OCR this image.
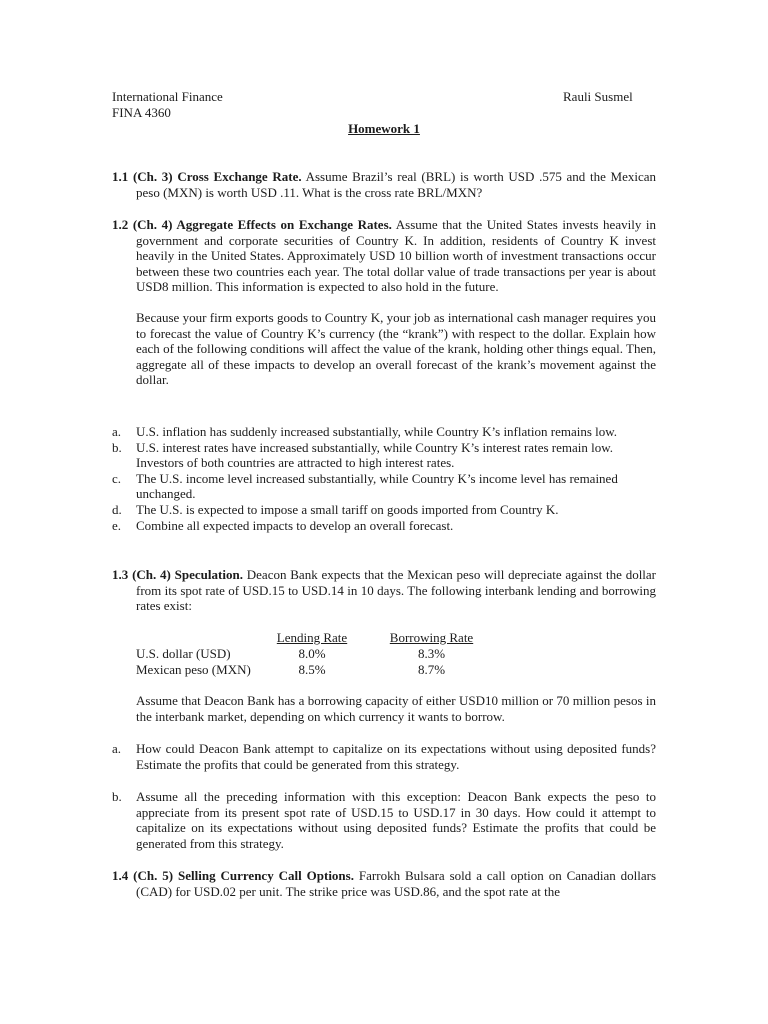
International Finance
FINA 4360
Rauli Susmel
Homework 1
1.1 (Ch. 3) Cross Exchange Rate. Assume Brazil’s real (BRL) is worth USD .575 and the Mexican peso (MXN) is worth USD .11. What is the cross rate BRL/MXN?
1.2 (Ch. 4) Aggregate Effects on Exchange Rates. Assume that the United States invests heavily in government and corporate securities of Country K. In addition, residents of Country K invest heavily in the United States. Approximately USD 10 billion worth of investment transactions occur between these two countries each year. The total dollar value of trade transactions per year is about USD8 million. This information is expected to also hold in the future.
Because your firm exports goods to Country K, your job as international cash manager requires you to forecast the value of Country K’s currency (the “krank”) with respect to the dollar. Explain how each of the following conditions will affect the value of the krank, holding other things equal. Then, aggregate all of these impacts to develop an overall forecast of the krank’s movement against the dollar.
a. U.S. inflation has suddenly increased substantially, while Country K’s inflation remains low.
b. U.S. interest rates have increased substantially, while Country K’s interest rates remain low. Investors of both countries are attracted to high interest rates.
c. The U.S. income level increased substantially, while Country K’s income level has remained unchanged.
d. The U.S. is expected to impose a small tariff on goods imported from Country K.
e. Combine all expected impacts to develop an overall forecast.
1.3 (Ch. 4) Speculation. Deacon Bank expects that the Mexican peso will depreciate against the dollar from its spot rate of USD.15 to USD.14 in 10 days. The following interbank lending and borrowing rates exist:
	Lending Rate	Borrowing Rate
U.S. dollar (USD)	8.0%	8.3%
Mexican peso (MXN)	8.5%	8.7%
Assume that Deacon Bank has a borrowing capacity of either USD10 million or 70 million pesos in the interbank market, depending on which currency it wants to borrow.
a. How could Deacon Bank attempt to capitalize on its expectations without using deposited funds? Estimate the profits that could be generated from this strategy.
b. Assume all the preceding information with this exception: Deacon Bank expects the peso to appreciate from its present spot rate of USD.15 to USD.17 in 30 days. How could it attempt to capitalize on its expectations without using deposited funds? Estimate the profits that could be generated from this strategy.
1.4 (Ch. 5) Selling Currency Call Options. Farrokh Bulsara sold a call option on Canadian dollars (CAD) for USD.02 per unit. The strike price was USD.86, and the spot rate at the
